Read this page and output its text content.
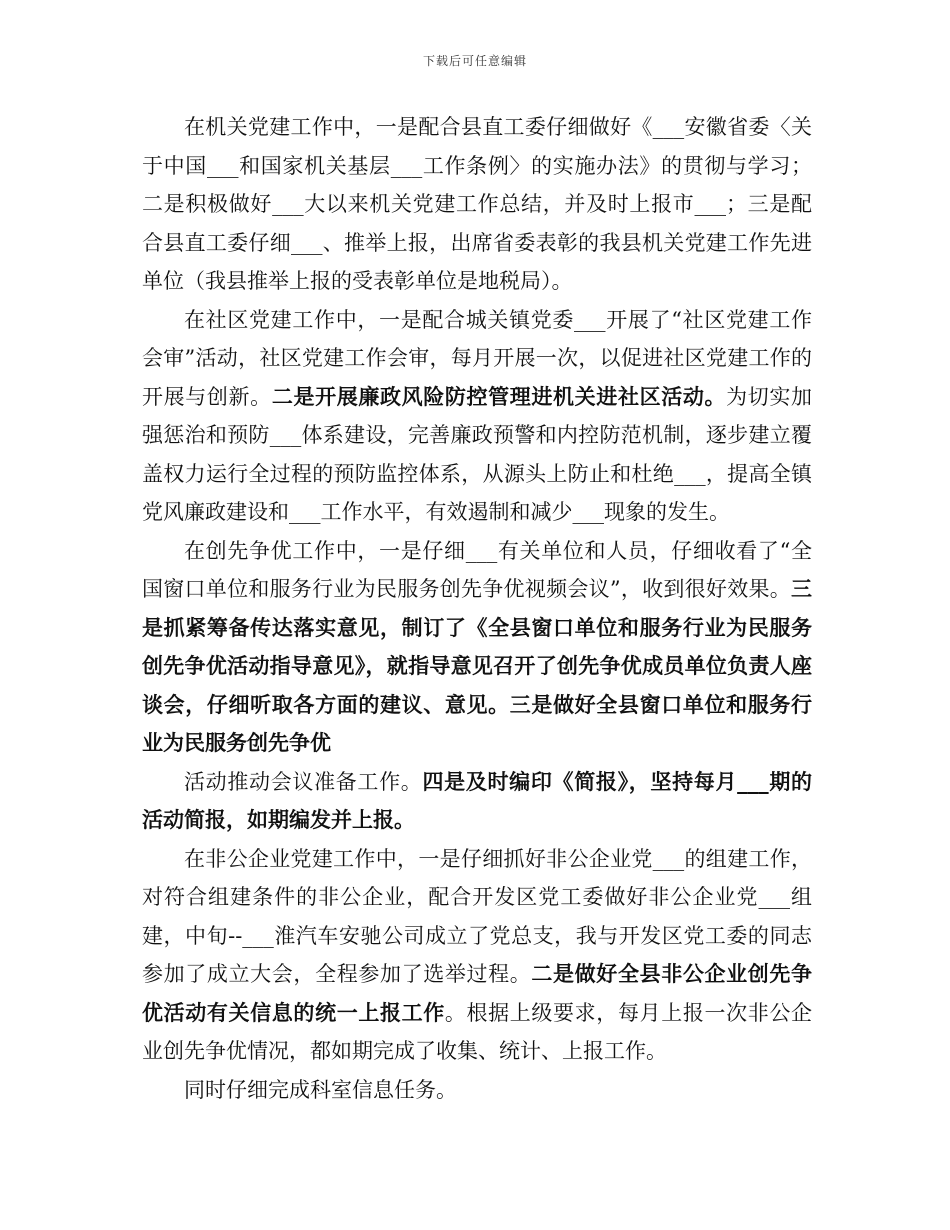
下载后可任意编辑

在机关党建工作中，一是配合县直工委仔细做好《___安徽省委〈关于中国___和国家机关基层___工作条例〉的实施办法》的贯彻与学习；二是积极做好___大以来机关党建工作总结，并及时上报市___；三是配合县直工委仔细___、推举上报，出席省委表彰的我县机关党建工作先进单位（我县推举上报的受表彰单位是地税局）。

在社区党建工作中，一是配合城关镇党委___开展了“社区党建工作会审”活动，社区党建工作会审，每月开展一次，以促进社区党建工作的开展与创新。二是开展廉政风险防控管理进机关进社区活动。为切实加强惩治和预防___体系建设，完善廉政预警和内控防范机制，逐步建立覆盖权力运行全过程的预防监控体系，从源头上防止和杜绝___，提高全镇党风廉政建设和___工作水平，有效遏制和减少___现象的发生。

在创先争优工作中，一是仔细___有关单位和人员，仔细收看了“全国窗口单位和服务行业为民服务创先争优视频会议”，收到很好效果。三是抓紧筹备传达落实意见，制订了《全县窗口单位和服务行业为民服务创先争优活动指导意见》，就指导意见召开了创先争优成员单位负责人座谈会，仔细听取各方面的建议、意见。三是做好全县窗口单位和服务行业为民服务创先争优

活动推动会议准备工作。四是及时编印《简报》，坚持每月___期的活动简报，如期编发并上报。

在非公企业党建工作中，一是仔细抓好非公企业党___的组建工作，对符合组建条件的非公企业，配合开发区党工委做好非公企业党___组建，中旬--___淮汽车安驰公司成立了党总支，我与开发区党工委的同志参加了成立大会，全程参加了选举过程。二是做好全县非公企业创先争优活动有关信息的统一上报工作。根据上级要求，每月上报一次非公企业创先争优情况，都如期完成了收集、统计、上报工作。

同时仔细完成科室信息任务。
